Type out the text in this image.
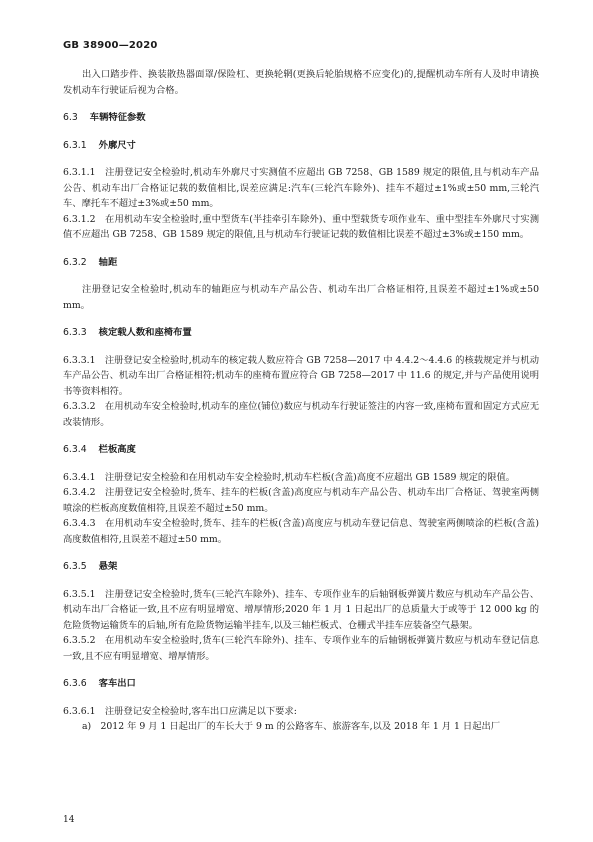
GB 38900—2020

出入口踏步件、换装散热器面罩/保险杠、更换轮辋(更换后轮胎规格不应变化)的,提醒机动车所有人及时申请换发机动车行驶证后视为合格。

6.3 车辆特征参数
6.3.1 外廓尺寸

6.3.1.1　注册登记安全检验时,机动车外廓尺寸实测值不应超出 GB 7258、GB 1589 规定的限值,且与机动车产品公告、机动车出厂合格证记载的数值相比,误差应满足:汽车(三轮汽车除外)、挂车不超过±1%或±50 mm,三轮汽车、摩托车不超过±3%或±50 mm。

6.3.1.2　在用机动车安全检验时,重中型货车(半挂牵引车除外)、重中型载货专项作业车、重中型挂车外廓尺寸实测值不应超出 GB 7258、GB 1589 规定的限值,且与机动车行驶证记载的数值相比误差不超过±3%或±150 mm。

6.3.2 轴距

注册登记安全检验时,机动车的轴距应与机动车产品公告、机动车出厂合格证相符,且误差不超过±1%或±50 mm。

6.3.3 核定载人数和座椅布置

6.3.3.1　注册登记安全检验时,机动车的核定载人数应符合 GB 7258—2017 中 4.4.2～4.4.6 的核载规定并与机动车产品公告、机动车出厂合格证相符;机动车的座椅布置应符合 GB 7258—2017 中 11.6 的规定,并与产品使用说明书等资料相符。

6.3.3.2　在用机动车安全检验时,机动车的座位(铺位)数应与机动车行驶证签注的内容一致,座椅布置和固定方式应无改装情形。

6.3.4 栏板高度

6.3.4.1　注册登记安全检验和在用机动车安全检验时,机动车栏板(含盖)高度不应超出 GB 1589 规定的限值。

6.3.4.2　注册登记安全检验时,货车、挂车的栏板(含盖)高度应与机动车产品公告、机动车出厂合格证、驾驶室两侧喷涂的栏板高度数值相符,且误差不超过±50 mm。

6.3.4.3　在用机动车安全检验时,货车、挂车的栏板(含盖)高度应与机动车登记信息、驾驶室两侧喷涂的栏板(含盖)高度数值相符,且误差不超过±50 mm。

6.3.5 悬架

6.3.5.1　注册登记安全检验时,货车(三轮汽车除外)、挂车、专项作业车的后轴钢板弹簧片数应与机动车产品公告、机动车出厂合格证一致,且不应有明显增宽、增厚情形;2020 年 1 月 1 日起出厂的总质量大于或等于 12 000 kg 的危险货物运输货车的后轴,所有危险货物运输半挂车,以及三轴栏板式、仓栅式半挂车应装备空气悬架。

6.3.5.2　在用机动车安全检验时,货车(三轮汽车除外)、挂车、专项作业车的后轴钢板弹簧片数应与机动车登记信息一致,且不应有明显增宽、增厚情形。

6.3.6 客车出口

6.3.6.1　注册登记安全检验时,客车出口应满足以下要求:

a)　2012 年 9 月 1 日起出厂的车长大于 9 m 的公路客车、旅游客车,以及 2018 年 1 月 1 日起出厂

14
